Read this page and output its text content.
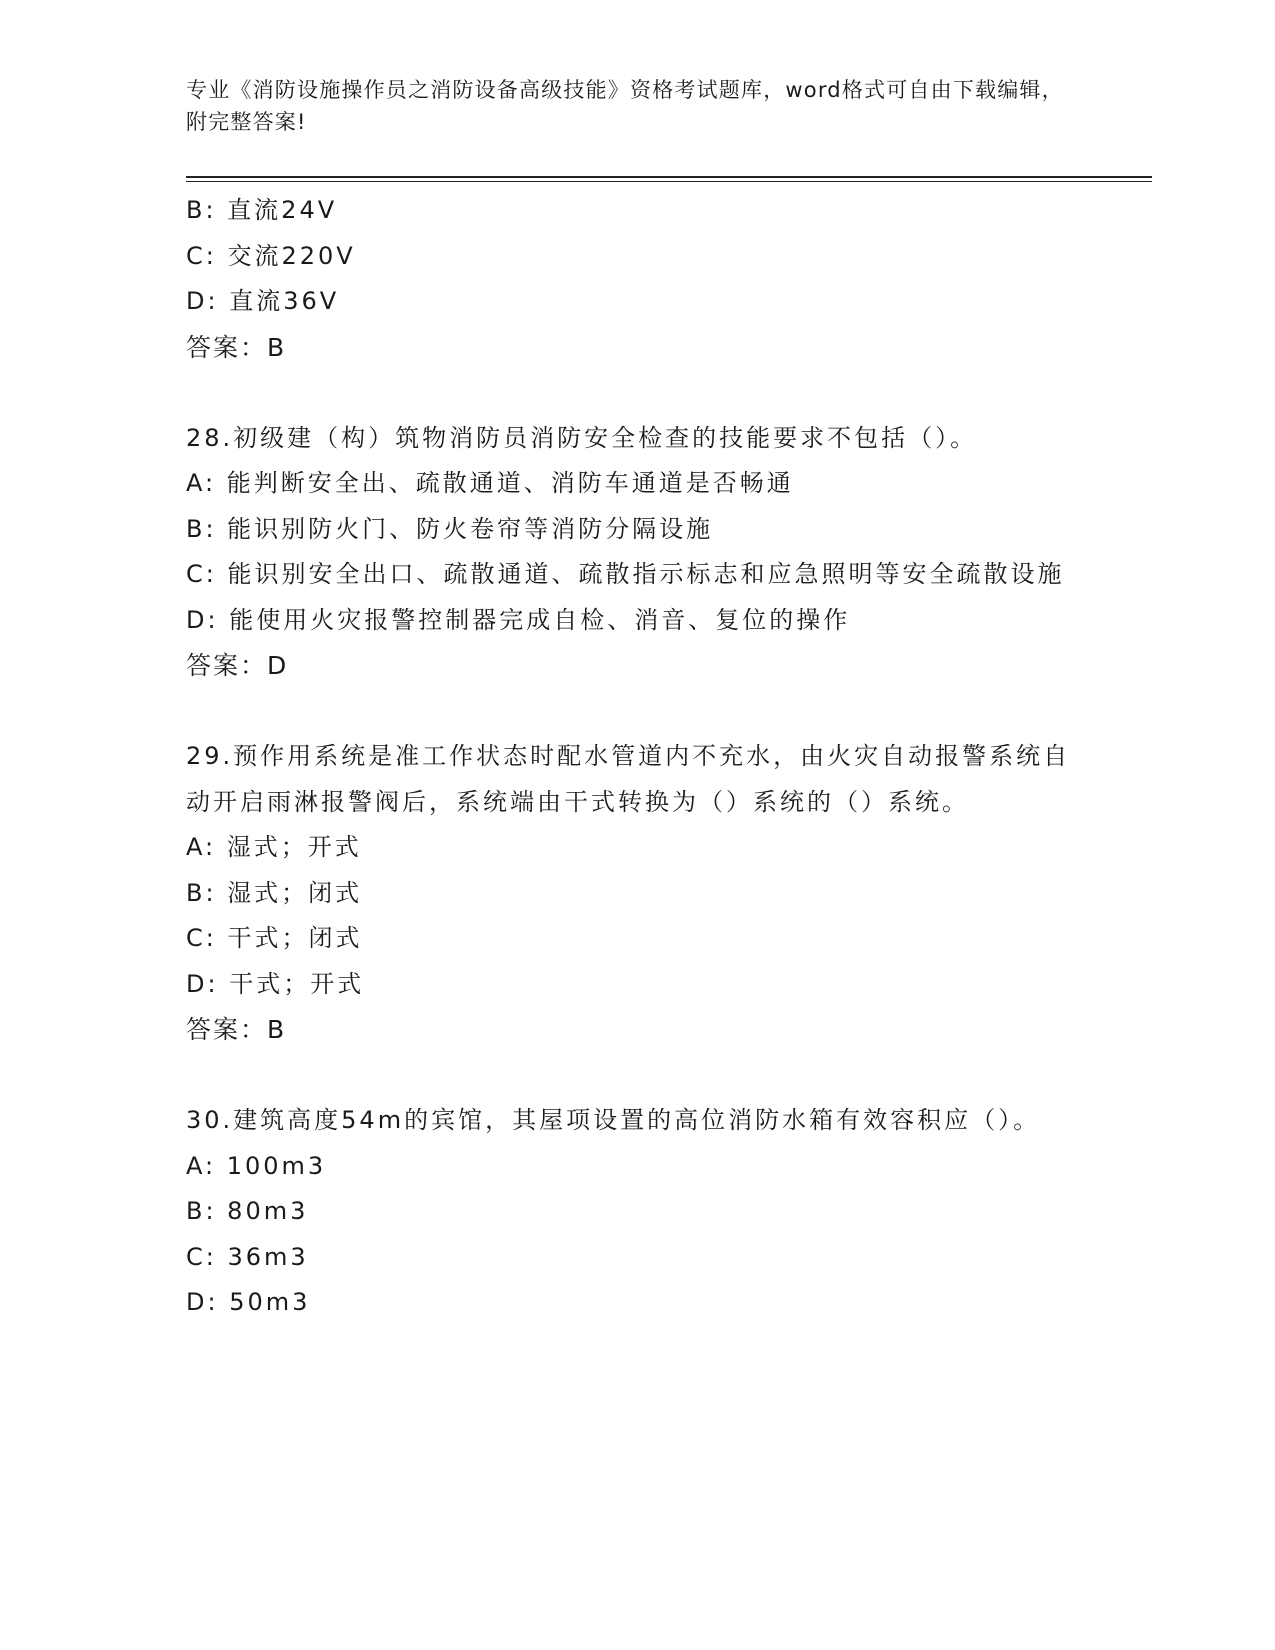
专业《消防设施操作员之消防设备高级技能》资格考试题库，word格式可自由下载编辑，附完整答案!
B: 直流24V
C: 交流220V
D: 直流36V
答案：B
28.初级建（构）筑物消防员消防安全检查的技能要求不包括（）。
A: 能判断安全出、疏散通道、消防车通道是否畅通
B: 能识别防火门、防火卷帘等消防分隔设施
C: 能识别安全出口、疏散通道、疏散指示标志和应急照明等安全疏散设施
D: 能使用火灾报警控制器完成自检、消音、复位的操作
答案：D
29.预作用系统是准工作状态时配水管道内不充水，由火灾自动报警系统自动开启雨淋报警阀后，系统端由干式转换为（）系统的（）系统。
A: 湿式；开式
B: 湿式；闭式
C: 干式；闭式
D: 干式；开式
答案：B
30.建筑高度54m的宾馆，其屋项设置的高位消防水箱有效容积应（）。
A: 100m3
B: 80m3
C: 36m3
D: 50m3
